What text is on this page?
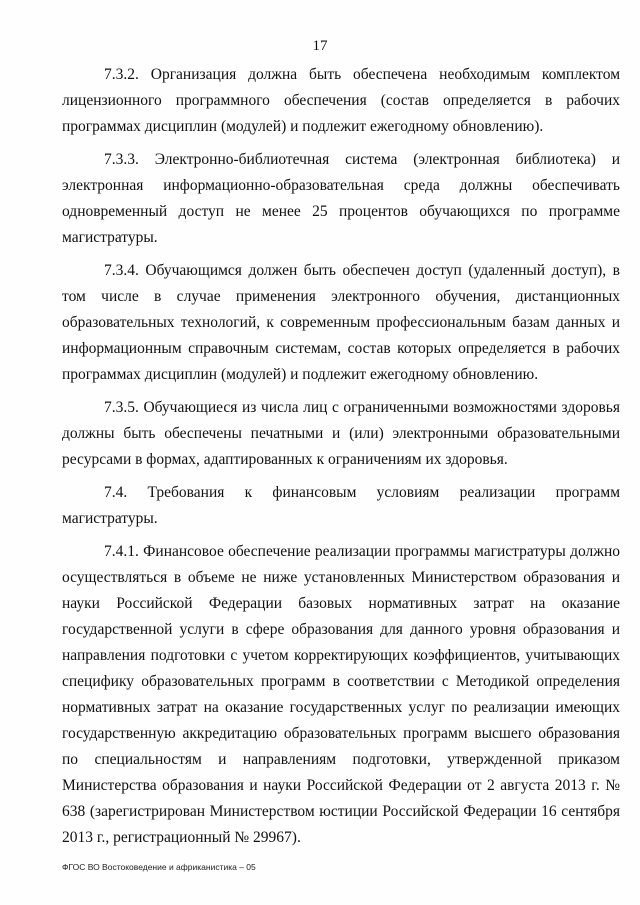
17

7.3.2. Организация должна быть обеспечена необходимым комплектом лицензионного программного обеспечения (состав определяется в рабочих программах дисциплин (модулей) и подлежит ежегодному обновлению).

7.3.3. Электронно-библиотечная система (электронная библиотека) и электронная информационно-образовательная среда должны обеспечивать одновременный доступ не менее 25 процентов обучающихся по программе магистратуры.

7.3.4. Обучающимся должен быть обеспечен доступ (удаленный доступ), в том числе в случае применения электронного обучения, дистанционных образовательных технологий, к современным профессиональным базам данных и информационным справочным системам, состав которых определяется в рабочих программах дисциплин (модулей) и подлежит ежегодному обновлению.

7.3.5. Обучающиеся из числа лиц с ограниченными возможностями здоровья должны быть обеспечены печатными и (или) электронными образовательными ресурсами в формах, адаптированных к ограничениям их здоровья.

7.4. Требования к финансовым условиям реализации программ магистратуры.

7.4.1. Финансовое обеспечение реализации программы магистратуры должно осуществляться в объеме не ниже установленных Министерством образования и науки Российской Федерации базовых нормативных затрат на оказание государственной услуги в сфере образования для данного уровня образования и направления подготовки с учетом корректирующих коэффициентов, учитывающих специфику образовательных программ в соответствии с Методикой определения нормативных затрат на оказание государственных услуг по реализации имеющих государственную аккредитацию образовательных программ высшего образования по специальностям и направлениям подготовки, утвержденной приказом Министерства образования и науки Российской Федерации от 2 августа 2013 г. № 638 (зарегистрирован Министерством юстиции Российской Федерации 16 сентября 2013 г., регистрационный № 29967).

ФГОС ВО Востоковедение и африканистика – 05
